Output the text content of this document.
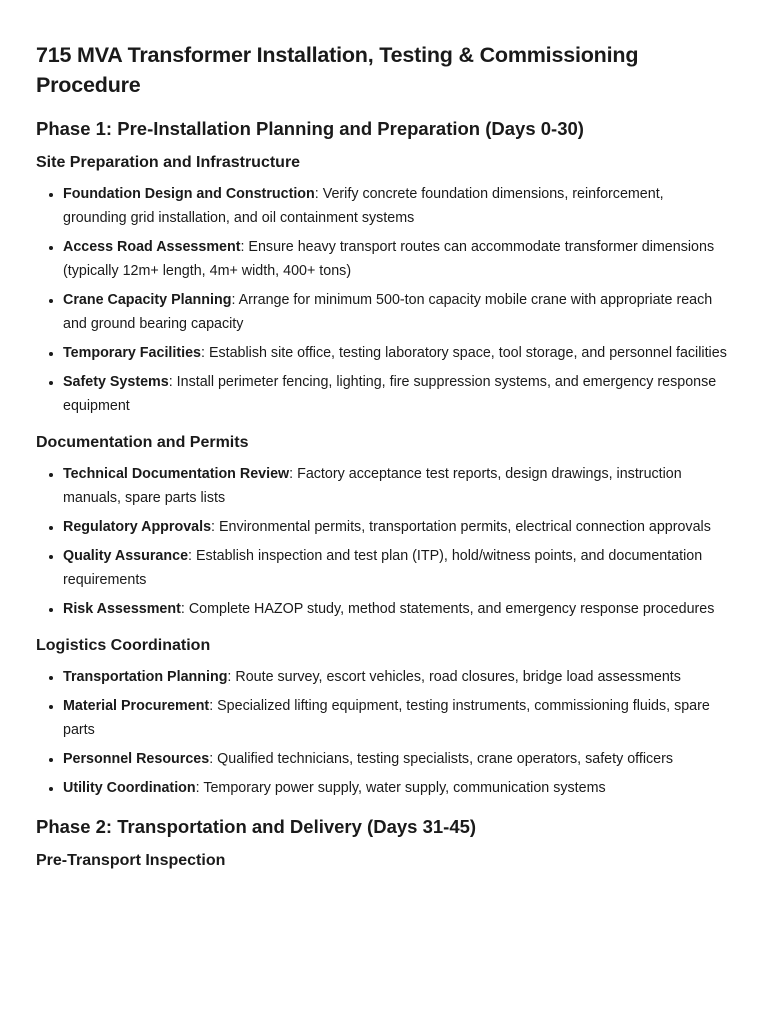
715 MVA Transformer Installation, Testing & Commissioning Procedure
Phase 1: Pre-Installation Planning and Preparation (Days 0-30)
Site Preparation and Infrastructure
• Foundation Design and Construction: Verify concrete foundation dimensions, reinforcement, grounding grid installation, and oil containment systems
• Access Road Assessment: Ensure heavy transport routes can accommodate transformer dimensions (typically 12m+ length, 4m+ width, 400+ tons)
• Crane Capacity Planning: Arrange for minimum 500-ton capacity mobile crane with appropriate reach and ground bearing capacity
• Temporary Facilities: Establish site office, testing laboratory space, tool storage, and personnel facilities
• Safety Systems: Install perimeter fencing, lighting, fire suppression systems, and emergency response equipment
Documentation and Permits
• Technical Documentation Review: Factory acceptance test reports, design drawings, instruction manuals, spare parts lists
• Regulatory Approvals: Environmental permits, transportation permits, electrical connection approvals
• Quality Assurance: Establish inspection and test plan (ITP), hold/witness points, and documentation requirements
• Risk Assessment: Complete HAZOP study, method statements, and emergency response procedures
Logistics Coordination
• Transportation Planning: Route survey, escort vehicles, road closures, bridge load assessments
• Material Procurement: Specialized lifting equipment, testing instruments, commissioning fluids, spare parts
• Personnel Resources: Qualified technicians, testing specialists, crane operators, safety officers
• Utility Coordination: Temporary power supply, water supply, communication systems
Phase 2: Transportation and Delivery (Days 31-45)
Pre-Transport Inspection
